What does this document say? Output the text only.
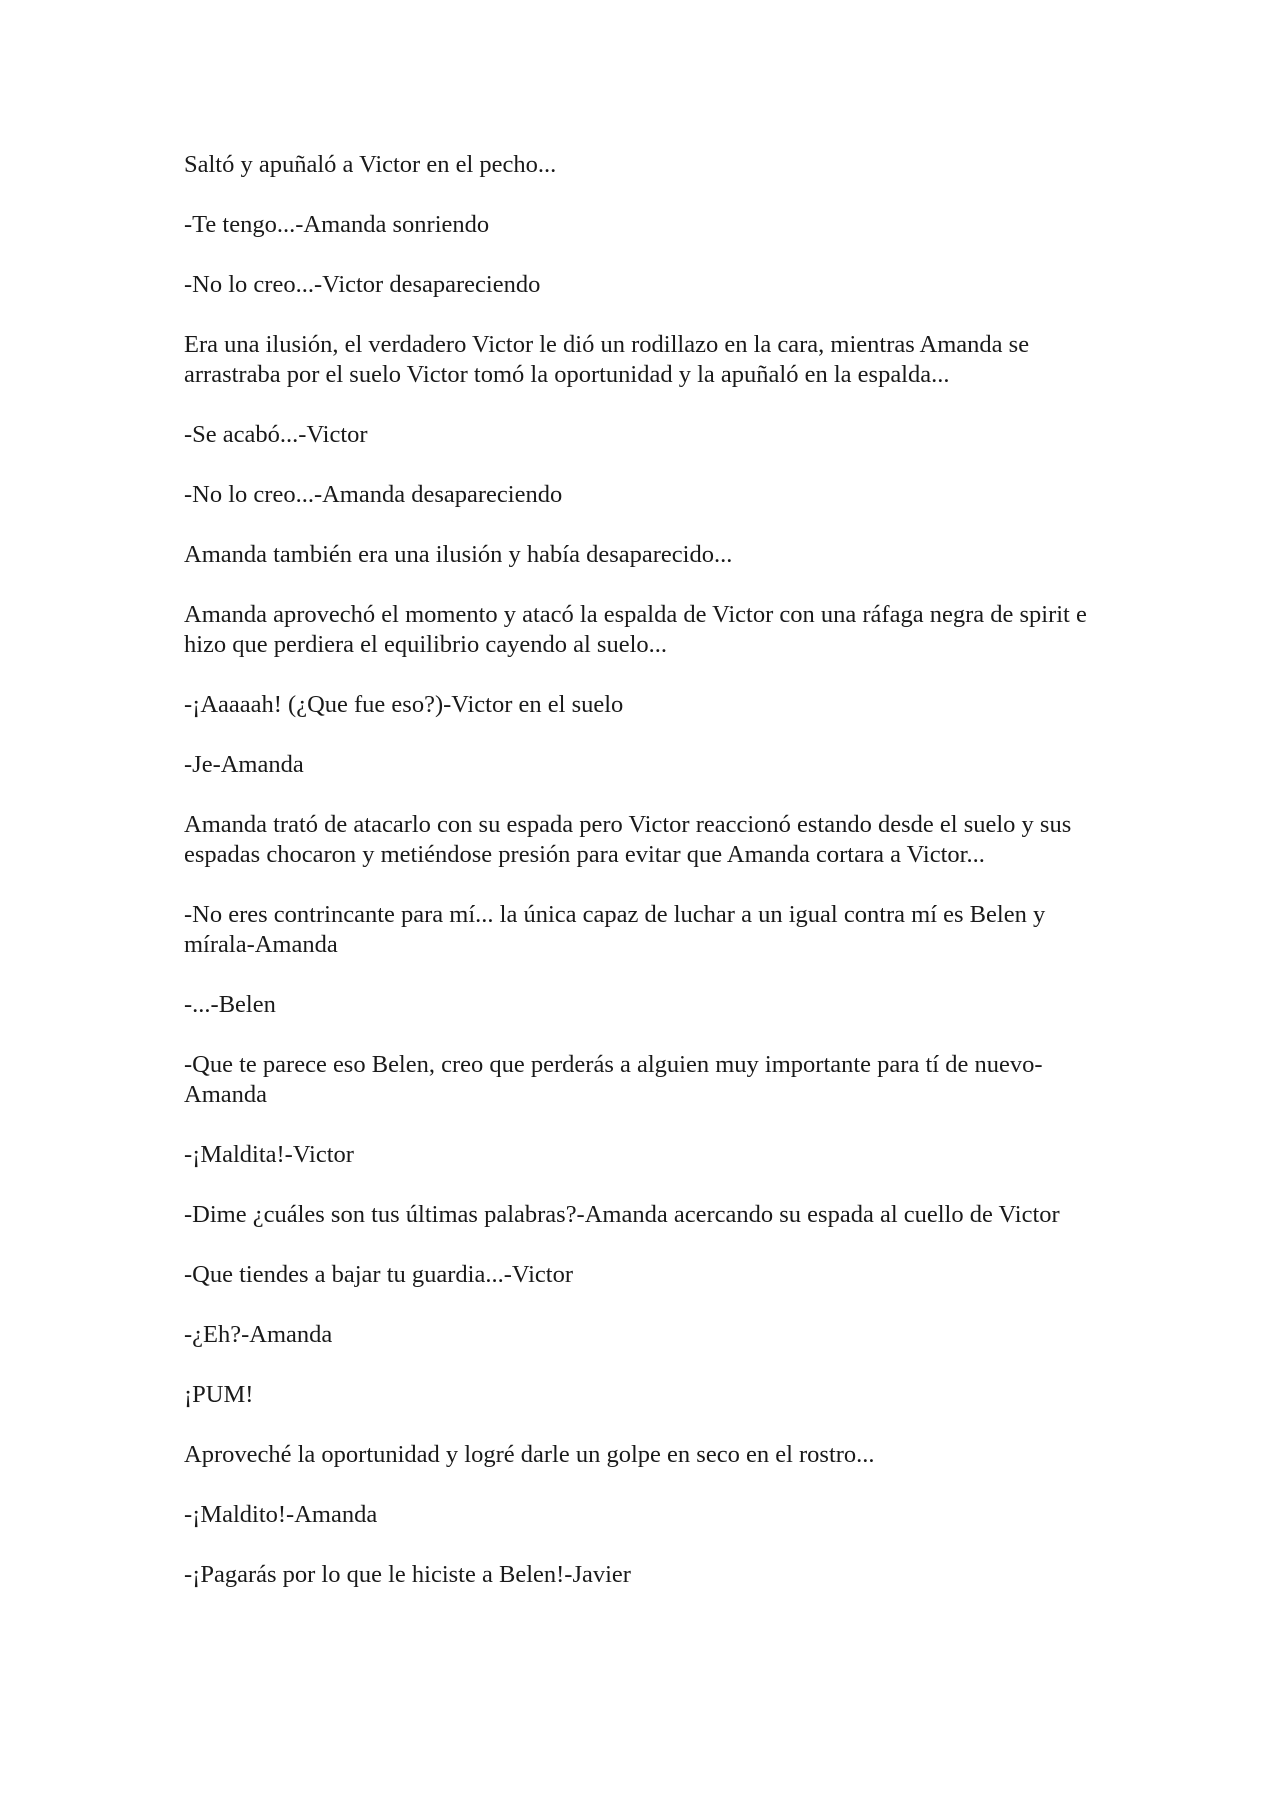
Saltó y apuñaló a Victor en el pecho...

-Te tengo...-Amanda sonriendo

-No lo creo...-Victor desapareciendo

Era una ilusión, el verdadero Victor le dió un rodillazo en la cara, mientras Amanda se arrastraba por el suelo Victor tomó la oportunidad y la apuñaló en la espalda...

-Se acabó...-Victor

-No lo creo...-Amanda desapareciendo

Amanda también era una ilusión y había desaparecido...

Amanda aprovechó el momento y atacó la espalda de Victor con una ráfaga negra de spirit e hizo que perdiera el equilibrio cayendo al suelo...

-¡Aaaaah! (¿Que fue eso?)-Victor en el suelo

-Je-Amanda

Amanda trató de atacarlo con su espada pero Victor reaccionó estando desde el suelo y sus espadas chocaron y metiéndose presión para evitar que Amanda cortara a Victor...

-No eres contrincante para mí... la única capaz de luchar a un igual contra mí es Belen y mírala-Amanda

-...-Belen

-Que te parece eso Belen, creo que perderás a alguien muy importante para tí de nuevo-Amanda

-¡Maldita!-Victor

-Dime ¿cuáles son tus últimas palabras?-Amanda acercando su espada al cuello de Victor

-Que tiendes a bajar tu guardia...-Victor

-¿Eh?-Amanda

¡PUM!

Aproveché la oportunidad y logré darle un golpe en seco en el rostro...

-¡Maldito!-Amanda

-¡Pagarás por lo que le hiciste a Belen!-Javier
